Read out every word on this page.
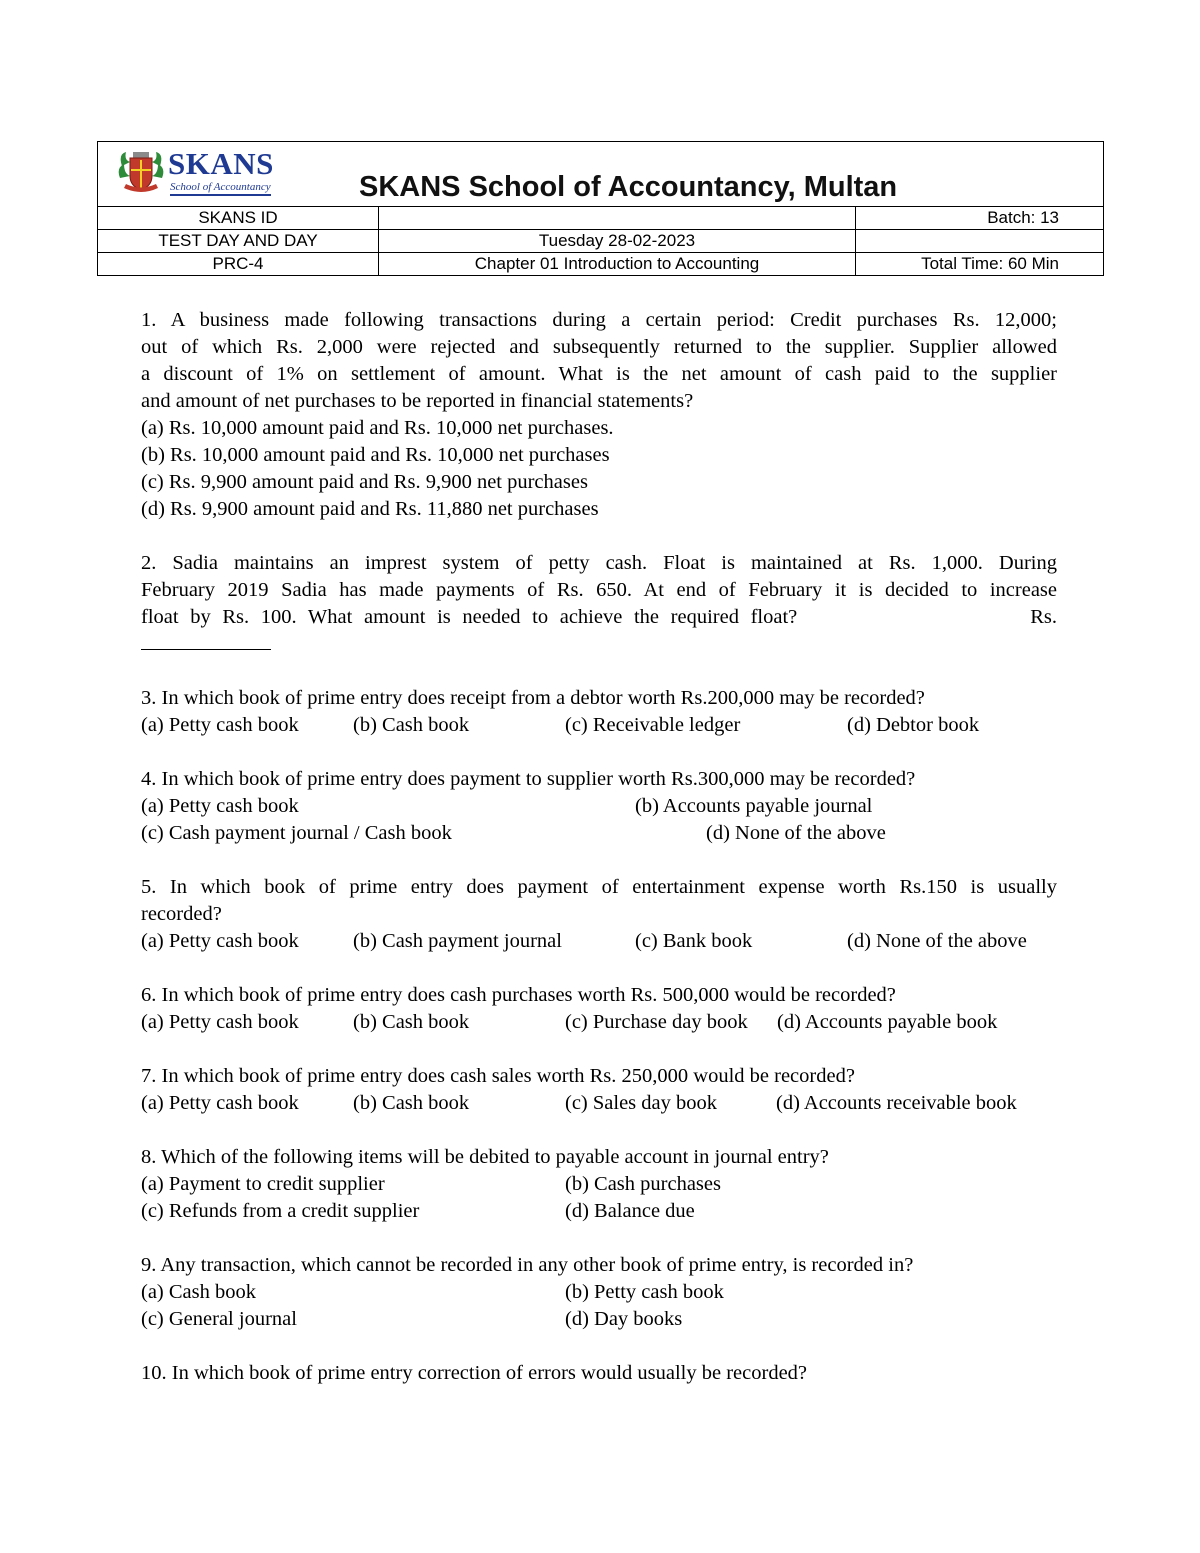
SKANS
School of Accountancy SKANS School of Accountancy, Multan		

SKANS ID		Batch: 13
TEST DAY AND DAY	Tuesday 28-02-2023	
PRC-4	Chapter 01 Introduction to Accounting	Total Time: 60 Min

1. A business made following transactions during a certain period: Credit purchases Rs. 12,000;

out of which Rs. 2,000 were rejected and subsequently returned to the supplier. Supplier allowed

a discount of 1% on settlement of amount. What is the net amount of cash paid to the supplier

and amount of net purchases to be reported in financial statements?

(a) Rs. 10,000 amount paid and Rs. 10,000 net purchases.

(b) Rs. 10,000 amount paid and Rs. 10,000 net purchases

(c) Rs. 9,900 amount paid and Rs. 9,900 net purchases

(d) Rs. 9,900 amount paid and Rs. 11,880 net purchases

2. Sadia maintains an imprest system of petty cash. Float is maintained at Rs. 1,000. During

February 2019 Sadia has made payments of Rs. 650. At end of February it is decided to increase

float by Rs. 100. What amount is needed to achieve the required float?                    Rs.

3. In which book of prime entry does receipt from a debtor worth Rs.200,000 may be recorded?

(a) Petty cash book	(b) Cash book	(c) Receivable ledger	(d) Debtor book

4. In which book of prime entry does payment to supplier worth Rs.300,000 may be recorded?

(a) Petty cash book	(b) Accounts payable journal
(c) Cash payment journal / Cash book	(d) None of the above

5. In which book of prime entry does payment of entertainment expense worth Rs.150 is usually

recorded?

(a) Petty cash book	(b) Cash payment journal	(c) Bank book	(d) None of the above

6. In which book of prime entry does cash purchases worth Rs. 500,000 would be recorded?

(a) Petty cash book	(b) Cash book	(c) Purchase day book (d) Accounts payable book

7. In which book of prime entry does cash sales worth Rs. 250,000 would be recorded?

(a) Petty cash book	(b) Cash book	(c) Sales day book	(d) Accounts receivable book

8. Which of the following items will be debited to payable account in journal entry?

(a) Payment to credit supplier	(b) Cash purchases
(c) Refunds from a credit supplier	(d) Balance due

9. Any transaction, which cannot be recorded in any other book of prime entry, is recorded in?

(a) Cash book	(b) Petty cash book
(c) General journal	(d) Day books

10. In which book of prime entry correction of errors would usually be recorded?
